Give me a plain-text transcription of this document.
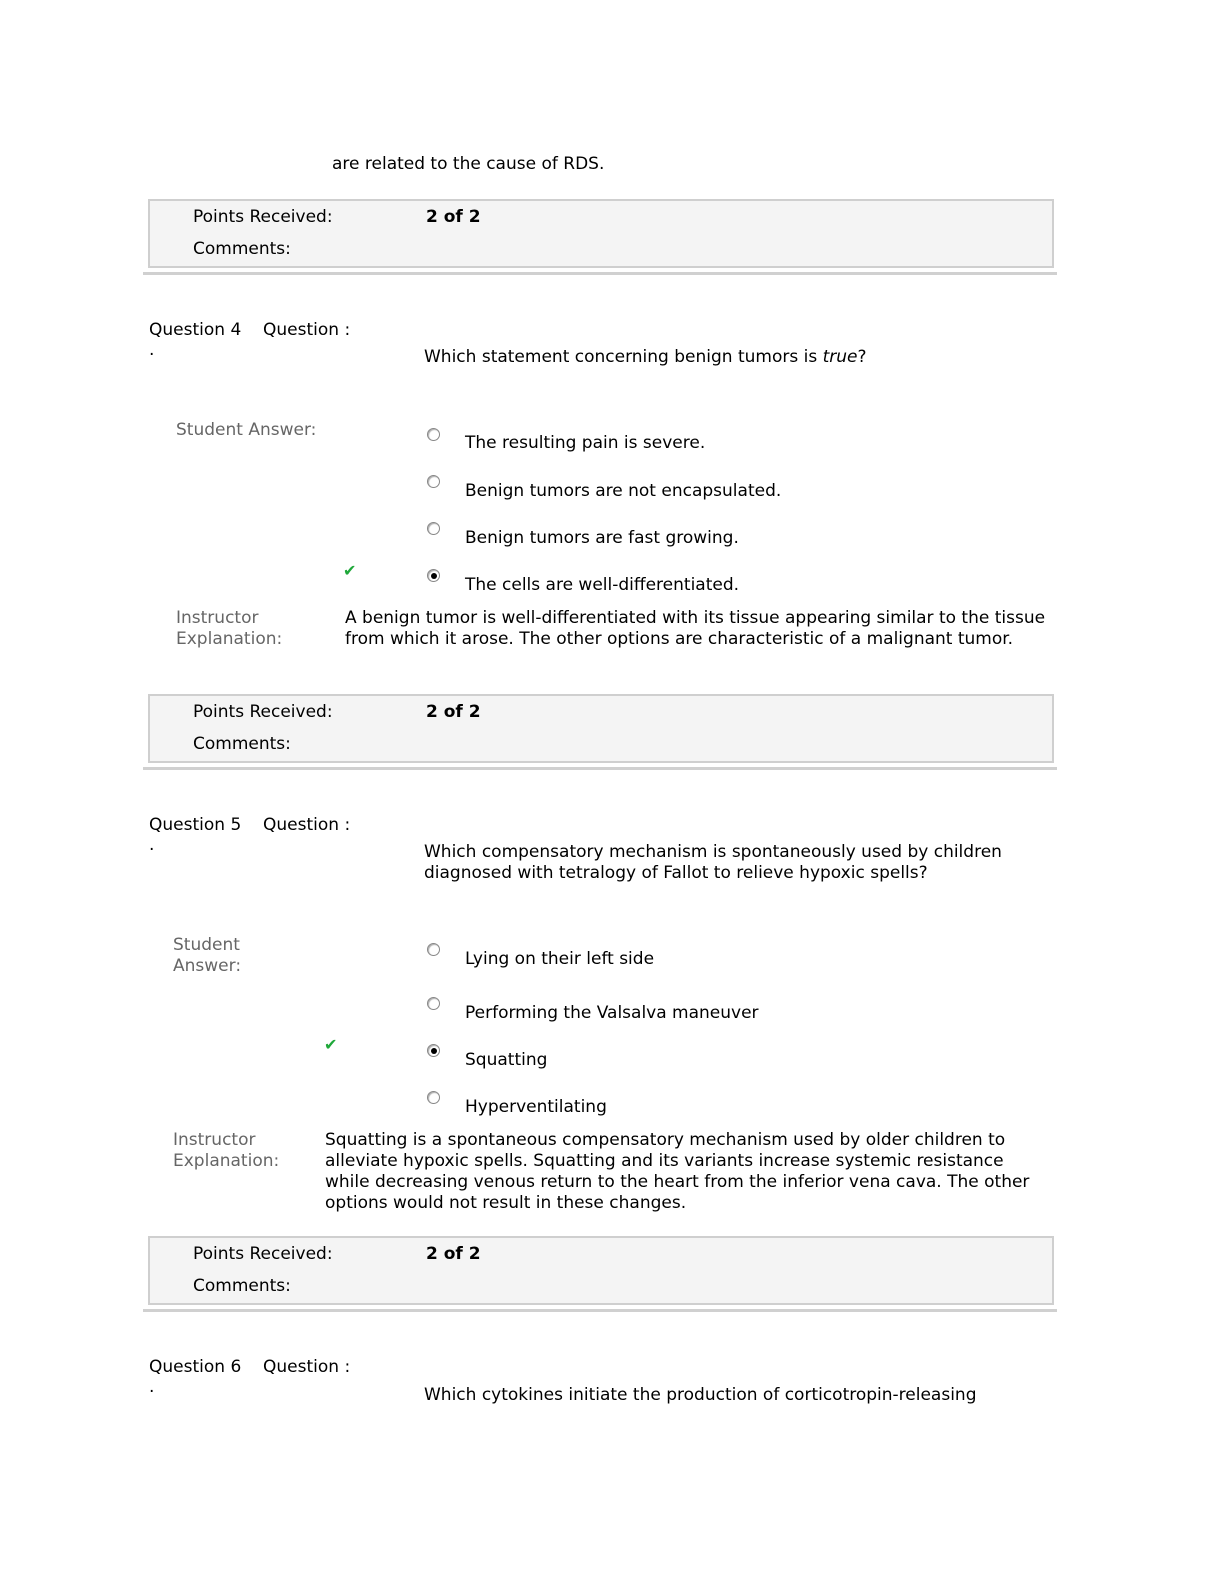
are related to the cause of RDS.
Points Received:	2 of 2
Comments:
Question 4 Question :
·	Which statement concerning benign tumors is true?
Student Answer:
The resulting pain is severe.
Benign tumors are not encapsulated.
Benign tumors are fast growing.
✔
The cells are well-differentiated.
Instructor
Explanation:
A benign tumor is well-differentiated with its tissue appearing similar to the tissue from which it arose. The other options are characteristic of a malignant tumor.
Points Received:	2 of 2
Comments:
Question 5 Question :
·	Which compensatory mechanism is spontaneously used by children diagnosed with tetralogy of Fallot to relieve hypoxic spells?
Student
Answer:	Lying on their left side
Performing the Valsalva maneuver
✔
Squatting
Hyperventilating
Instructor
Explanation:
Squatting is a spontaneous compensatory mechanism used by older children to alleviate hypoxic spells. Squatting and its variants increase systemic resistance while decreasing venous return to the heart from the inferior vena cava. The other options would not result in these changes.
Points Received:	2 of 2
Comments:
Question 6 Question :
·	Which cytokines initiate the production of corticotropin-releasing
